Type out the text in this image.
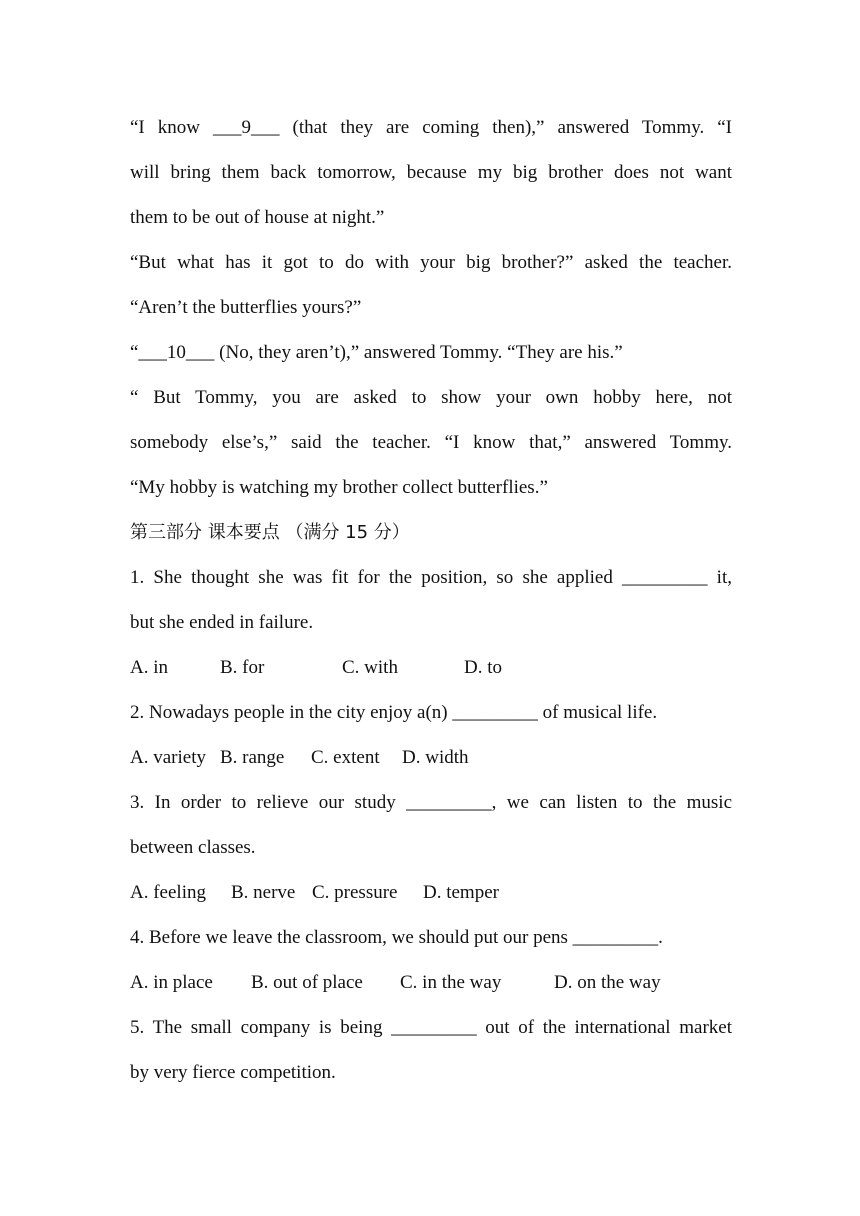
“I know ___9___ (that they are coming then),” answered Tommy. “I
will bring them back tomorrow, because my big brother does not want
them to be out of house at night.”
“But what has it got to do with your big brother?” asked the teacher.
“Aren’t the butterflies yours?”
“___10___ (No, they aren’t),” answered Tommy. “They are his.”
“ But Tommy, you are asked to show your own hobby here, not
somebody else’s,” said the teacher. “I know that,” answered Tommy.
“My hobby is watching my brother collect butterflies.”
第三部分 课本要点 （满分 15 分）
1. She thought she was fit for the position, so she applied _________ it,
but she ended in failure.
A. in	B. for	C. with	D. to
2. Nowadays people in the city enjoy a(n) _________ of musical life.
A. variety B. range C. extent D. width
3. In order to relieve our study _________, we can listen to the music
between classes.
A. feeling B. nerve C. pressure D. temper
4. Before we leave the classroom, we should put our pens _________.
A. in place B. out of place C. in the way	D. on the way
5. The small company is being _________ out of the international market
by very fierce competition.
